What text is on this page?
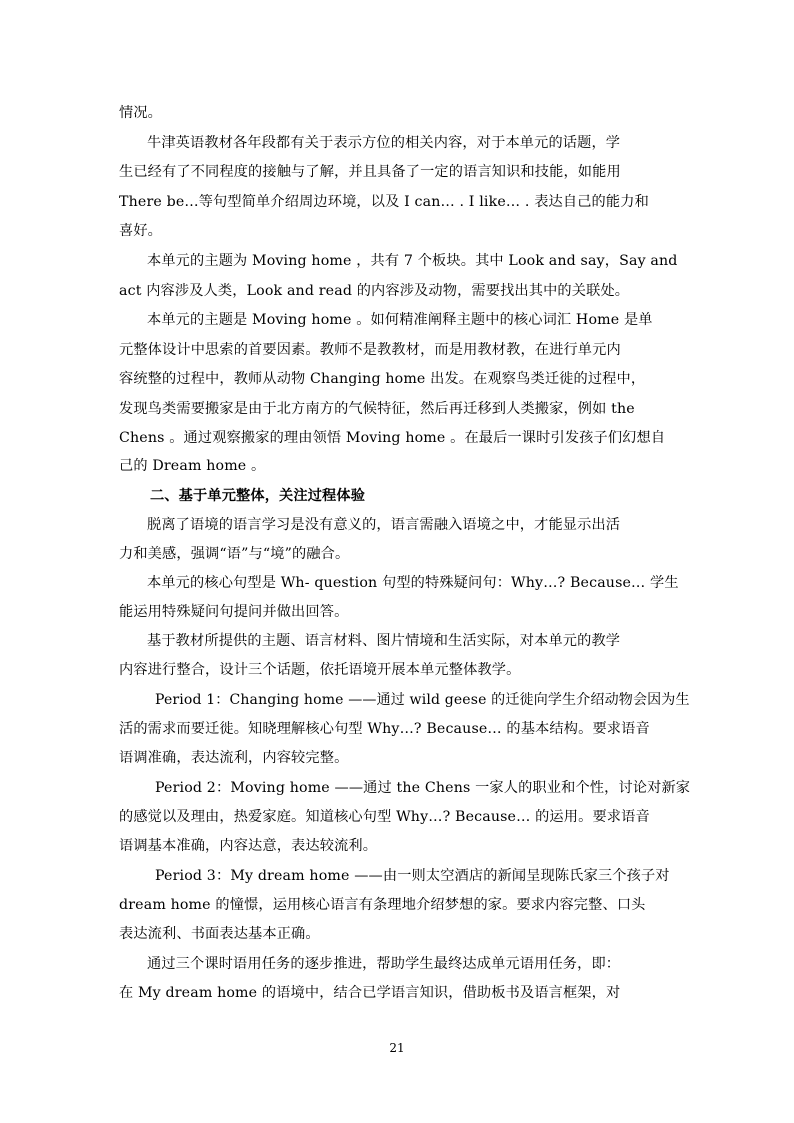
情况。
牛津英语教材各年段都有关于表示方位的相关内容，对于本单元的话题，学
生已经有了不同程度的接触与了解，并且具备了一定的语言知识和技能，如能用
There be…等句型简单介绍周边环境，以及 I can… . I like… . 表达自己的能力和
喜好。
本单元的主题为 Moving home ，共有 7 个板块。其中 Look and say，Say and
act 内容涉及人类，Look and read 的内容涉及动物，需要找出其中的关联处。
本单元的主题是 Moving home 。如何精准阐释主题中的核心词汇 Home 是单
元整体设计中思索的首要因素。教师不是教教材，而是用教材教，在进行单元内
容统整的过程中，教师从动物 Changing home 出发。在观察鸟类迁徙的过程中，
发现鸟类需要搬家是由于北方南方的气候特征，然后再迁移到人类搬家，例如 the
Chens 。通过观察搬家的理由领悟 Moving home 。在最后一课时引发孩子们幻想自
己的 Dream home 。
二、基于单元整体，关注过程体验
脱离了语境的语言学习是没有意义的，语言需融入语境之中，才能显示出活
力和美感，强调“语”与“境”的融合。
本单元的核心句型是 Wh- question 句型的特殊疑问句：Why…? Because… 学生
能运用特殊疑问句提问并做出回答。
基于教材所提供的主题、语言材料、图片情境和生活实际，对本单元的教学
内容进行整合，设计三个话题，依托语境开展本单元整体教学。
Period 1：Changing home ——通过 wild geese 的迁徙向学生介绍动物会因为生
活的需求而要迁徙。知晓理解核心句型 Why…? Because… 的基本结构。要求语音
语调准确，表达流利，内容较完整。
Period 2：Moving home ——通过 the Chens 一家人的职业和个性，讨论对新家
的感觉以及理由，热爱家庭。知道核心句型 Why…? Because… 的运用。要求语音
语调基本准确，内容达意，表达较流利。
Period 3：My dream home ——由一则太空酒店的新闻呈现陈氏家三个孩子对
dream home 的憧憬，运用核心语言有条理地介绍梦想的家。要求内容完整、口头
表达流利、书面表达基本正确。
通过三个课时语用任务的逐步推进，帮助学生最终达成单元语用任务，即：
在 My dream home 的语境中，结合已学语言知识，借助板书及语言框架，对
21
